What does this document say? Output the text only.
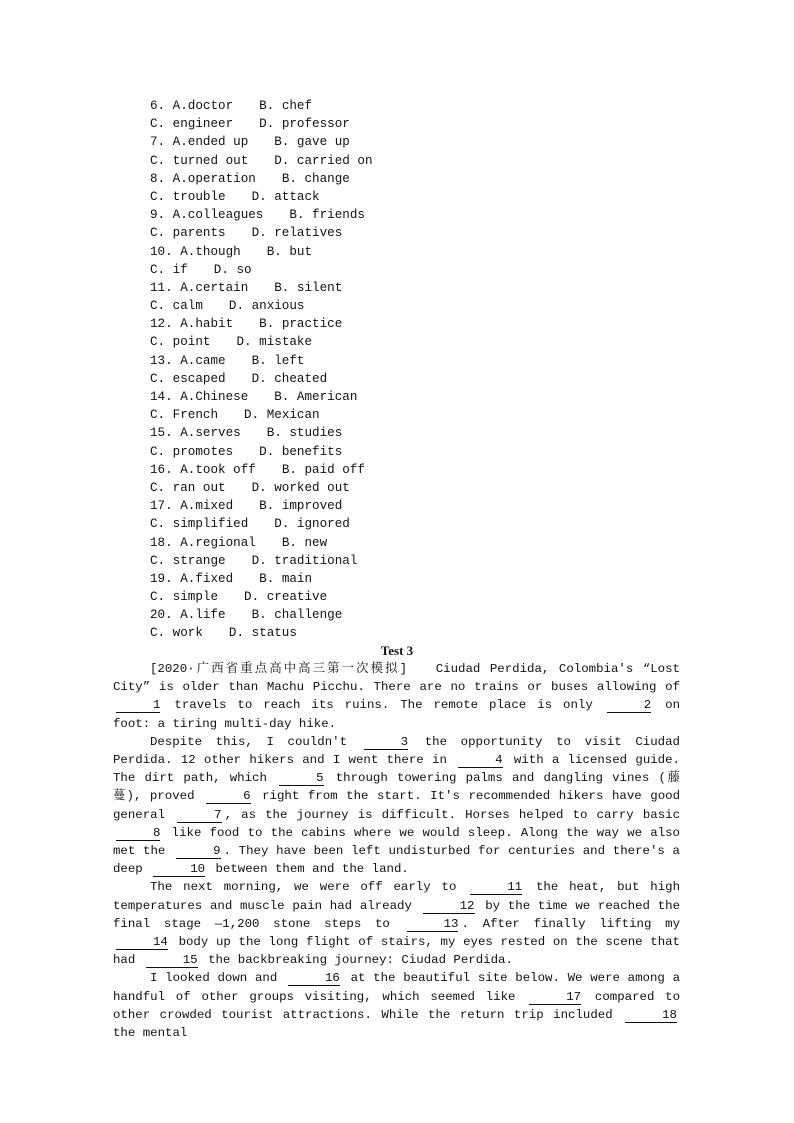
6. A.doctor B. chef
C. engineer D. professor
7. A.ended up B. gave up
C. turned out D. carried on
8. A.operation B. change
C. trouble D. attack
9. A.colleagues B. friends
C. parents D. relatives
10. A.though B. but
C. if D. so
11. A.certain B. silent
C. calm D. anxious
12. A.habit B. practice
C. point D. mistake
13. A.came B. left
C. escaped D. cheated
14. A.Chinese B. American
C. French D. Mexican
15. A.serves B. studies
C. promotes D. benefits
16. A.took off B. paid off
C. ran out D. worked out
17. A.mixed B. improved
C. simplified D. ignored
18. A.regional B. new
C. strange D. traditional
19. A.fixed B. main
C. simple D. creative
20. A.life B. challenge
C. work D. status
Test 3

[2020·广西省重点高中高三第一次模拟] Ciudad Perdida, Colombia's “Lost City” is older than Machu Picchu. There are no trains or buses allowing of 1 travels to reach its ruins. The remote place is only	2 on foot: a tiring multi-day hike.

Despite this, I couldn't	3 the opportunity to visit Ciudad Perdida. 12 other hikers and I went there in	4 with a licensed guide. The dirt path, which	5 through towering palms and dangling vines (藤蔓), proved	6 right from the start. It's recommended hikers have good general	7 , as the journey is difficult. Horses helped to carry basic 8 like food to the cabins where we would sleep. Along the way we also met the	9 . They have been left undisturbed for centuries and there's a deep	10 between them and the land.

The next morning, we were off early to	11 the heat, but high temperatures and muscle pain had already	12 by the time we reached the final stage —1,200 stone steps to	13 . After finally lifting my 14 body up the long flight of stairs, my eyes rested on the scene that had	15 the backbreaking journey: Ciudad Perdida.

I looked down and	16 at the beautiful site below. We were among a handful of other groups visiting, which seemed like	17 compared to other crowded tourist attractions. While the return trip included	18 the mental
